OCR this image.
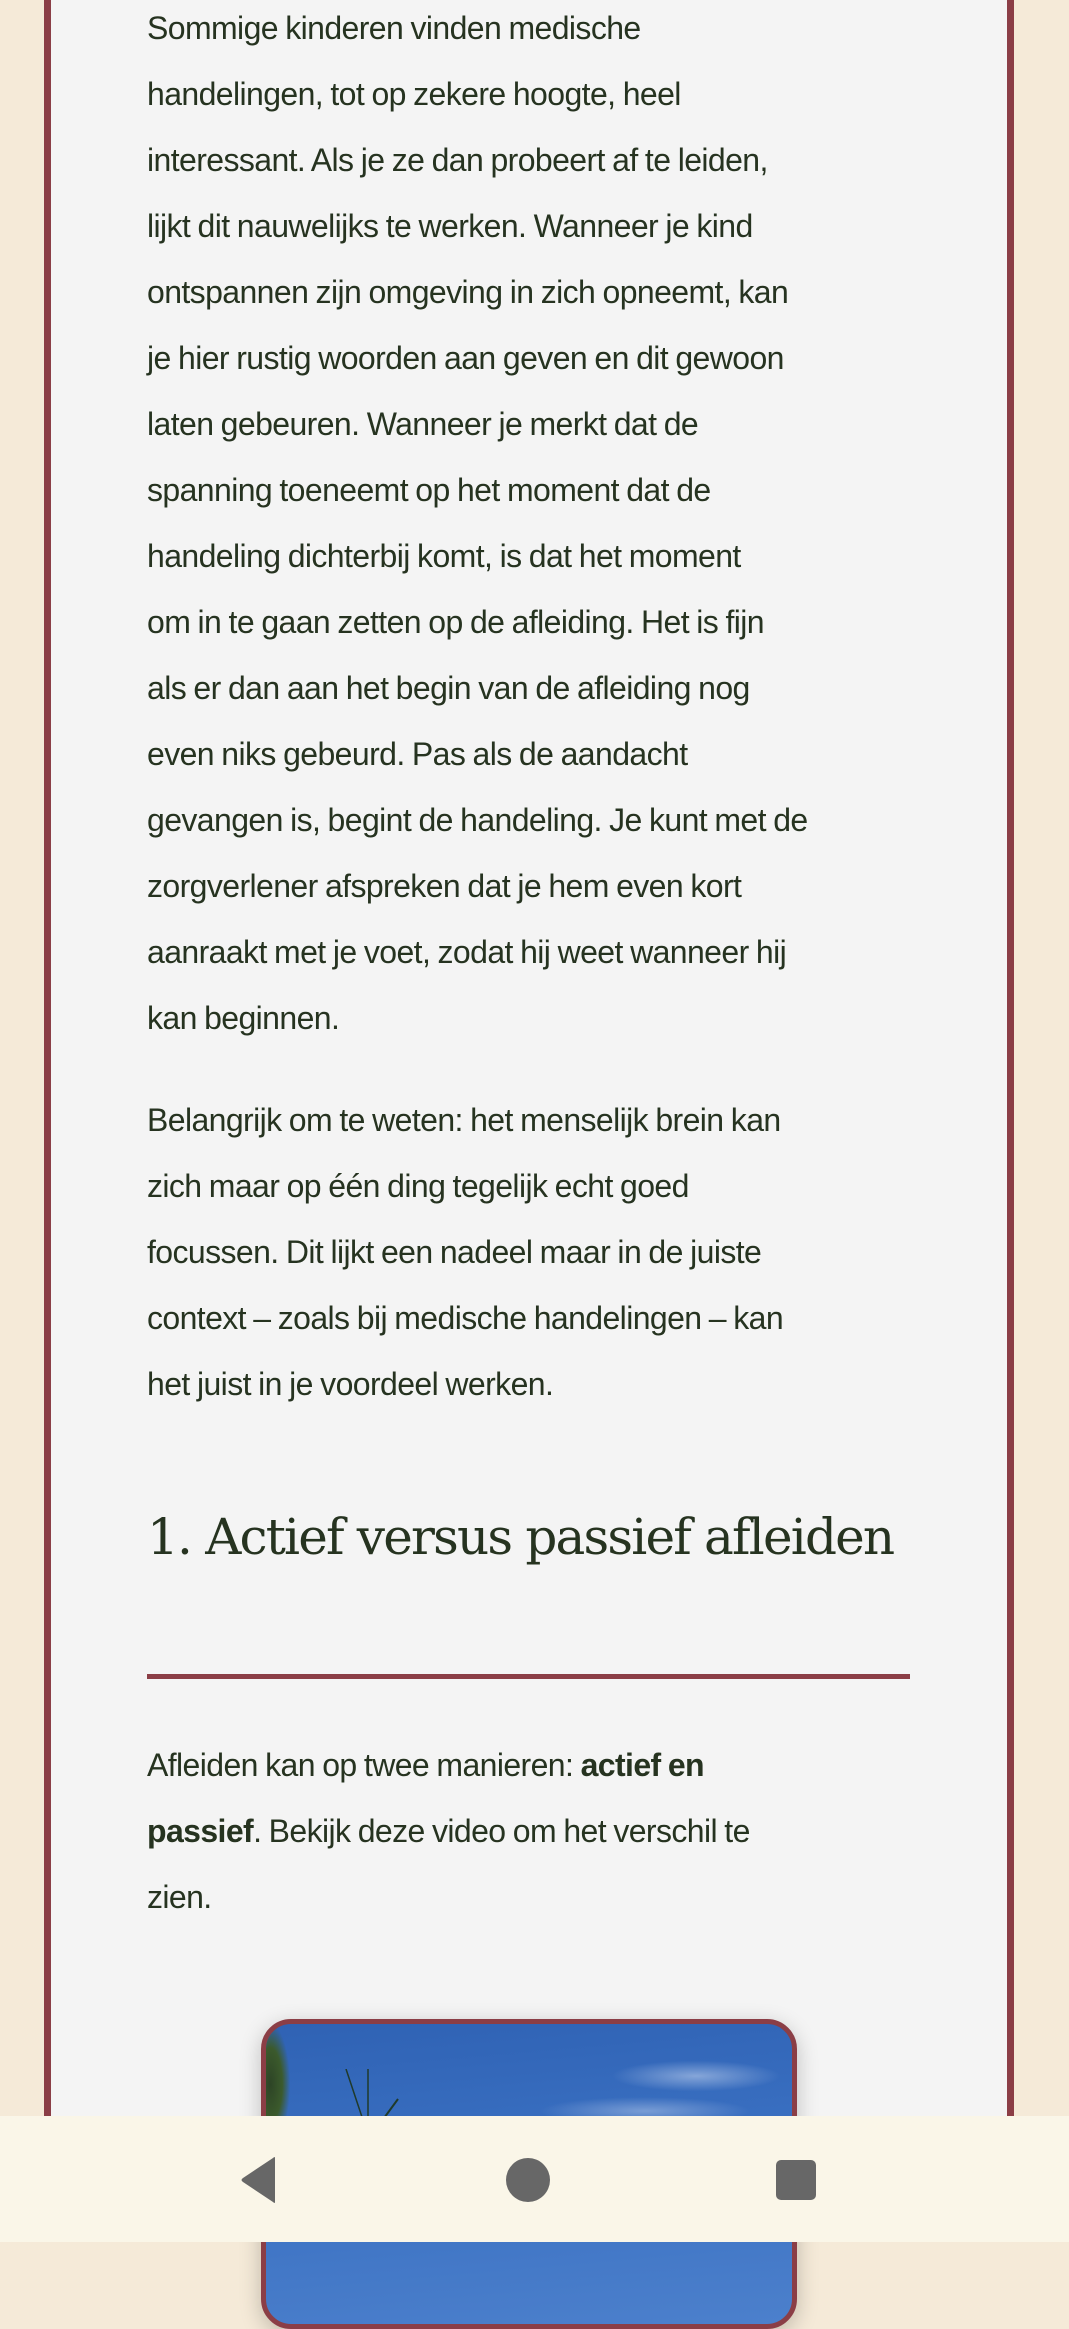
Sommige kinderen vinden medische
handelingen, tot op zekere hoogte, heel
interessant. Als je ze dan probeert af te leiden,
lijkt dit nauwelijks te werken. Wanneer je kind
ontspannen zijn omgeving in zich opneemt, kan
je hier rustig woorden aan geven en dit gewoon
laten gebeuren. Wanneer je merkt dat de
spanning toeneemt op het moment dat de
handeling dichterbij komt, is dat het moment
om in te gaan zetten op de afleiding. Het is fijn
als er dan aan het begin van de afleiding nog
even niks gebeurd. Pas als de aandacht
gevangen is, begint de handeling. Je kunt met de
zorgverlener afspreken dat je hem even kort
aanraakt met je voet, zodat hij weet wanneer hij
kan beginnen.
Belangrijk om te weten: het menselijk brein kan
zich maar op één ding tegelijk echt goed
focussen. Dit lijkt een nadeel maar in de juiste
context – zoals bij medische handelingen – kan
het juist in je voordeel werken.
1. Actief versus passief afleiden
Afleiden kan op twee manieren: actief en
passief. Bekijk deze video om het verschil te
zien.
